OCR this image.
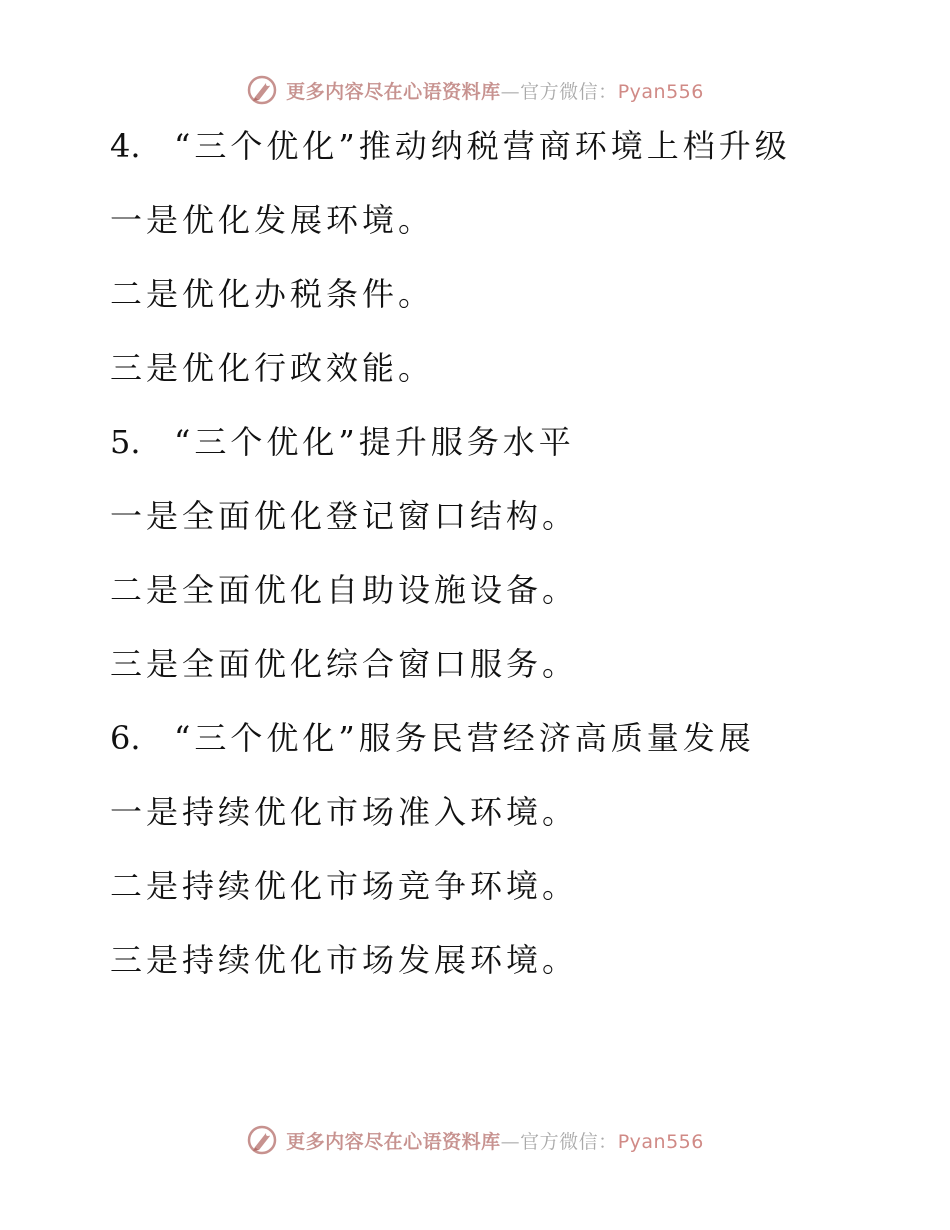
更多内容尽在心语资料库—官方微信：Pyan556
4. “三个优化”推动纳税营商环境上档升级
一是优化发展环境。
二是优化办税条件。
三是优化行政效能。
5. “三个优化”提升服务水平
一是全面优化登记窗口结构。
二是全面优化自助设施设备。
三是全面优化综合窗口服务。
6. “三个优化”服务民营经济高质量发展
一是持续优化市场准入环境。
二是持续优化市场竞争环境。
三是持续优化市场发展环境。
更多内容尽在心语资料库—官方微信：Pyan556
